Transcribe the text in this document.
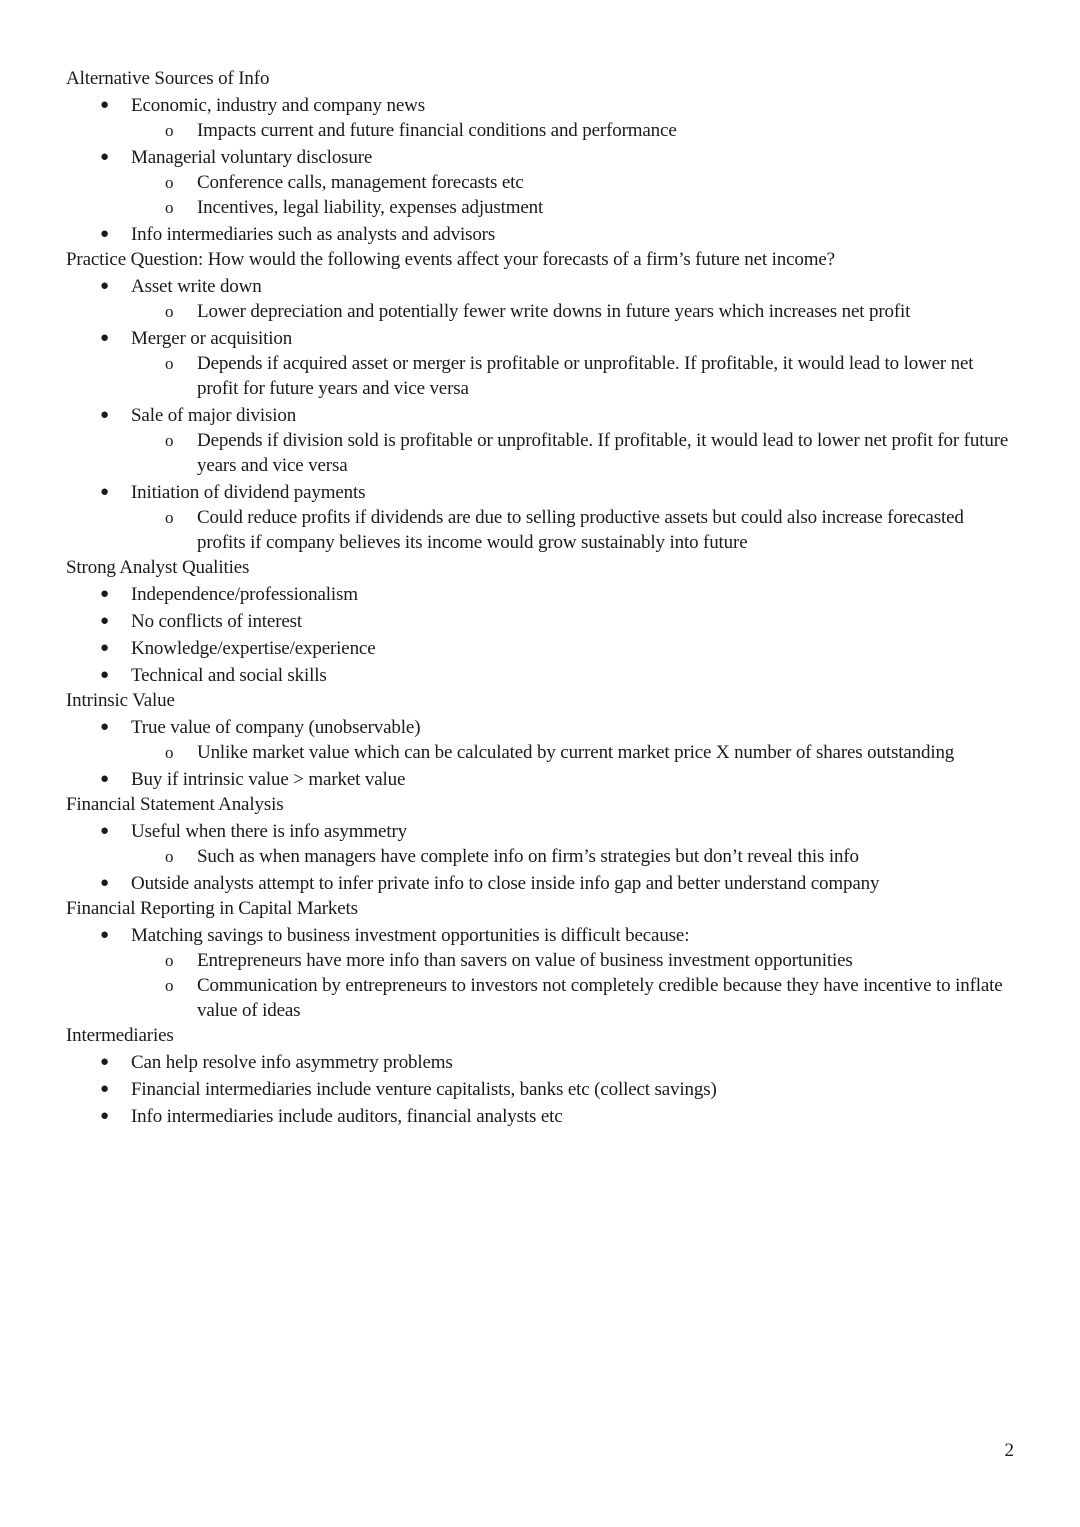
Alternative Sources of Info
● Economic, industry and company news
o Impacts current and future financial conditions and performance
● Managerial voluntary disclosure
o Conference calls, management forecasts etc
o Incentives, legal liability, expenses adjustment
● Info intermediaries such as analysts and advisors
Practice Question: How would the following events affect your forecasts of a firm’s future net income?
● Asset write down
o Lower depreciation and potentially fewer write downs in future years which increases net profit
● Merger or acquisition
o Depends if acquired asset or merger is profitable or unprofitable. If profitable, it would lead to lower net profit for future years and vice versa
● Sale of major division
o Depends if division sold is profitable or unprofitable. If profitable, it would lead to lower net profit for future years and vice versa
● Initiation of dividend payments
o Could reduce profits if dividends are due to selling productive assets but could also increase forecasted profits if company believes its income would grow sustainably into future
Strong Analyst Qualities
● Independence/professionalism
● No conflicts of interest
● Knowledge/expertise/experience
● Technical and social skills
Intrinsic Value
● True value of company (unobservable)
o Unlike market value which can be calculated by current market price X number of shares outstanding
● Buy if intrinsic value > market value
Financial Statement Analysis
● Useful when there is info asymmetry
o Such as when managers have complete info on firm’s strategies but don’t reveal this info
● Outside analysts attempt to infer private info to close inside info gap and better understand company
Financial Reporting in Capital Markets
● Matching savings to business investment opportunities is difficult because:
o Entrepreneurs have more info than savers on value of business investment opportunities
o Communication by entrepreneurs to investors not completely credible because they have incentive to inflate value of ideas
Intermediaries
● Can help resolve info asymmetry problems
● Financial intermediaries include venture capitalists, banks etc (collect savings)
● Info intermediaries include auditors, financial analysts etc
2
